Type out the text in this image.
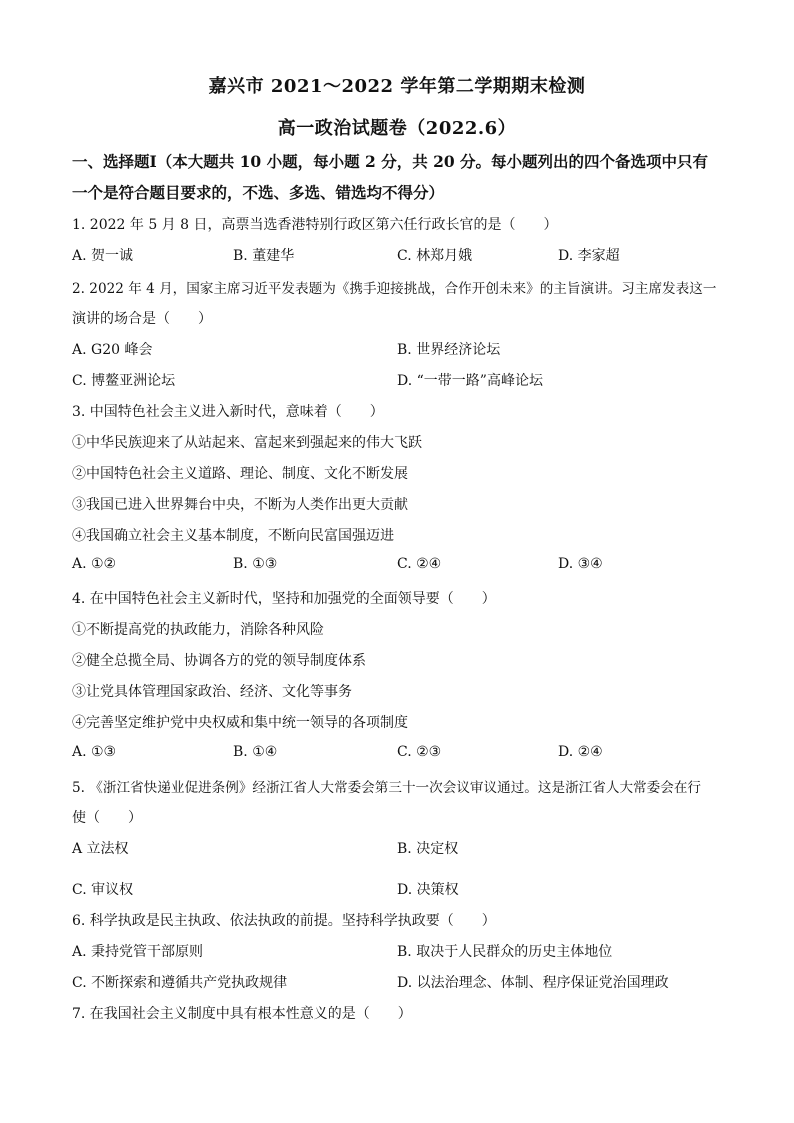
嘉兴市 2021～2022 学年第二学期期末检测
高一政治试题卷（2022.6）
一、选择题Ⅰ（本大题共 10 小题，每小题 2 分，共 20 分。每小题列出的四个备选项中只有
一个是符合题目要求的，不选、多选、错选均不得分）
1. 2022 年 5 月 8 日，高票当选香港特别行政区第六任行政长官的是（　　）
A. 贺一诚	B. 董建华	C. 林郑月娥	D. 李家超
2. 2022 年 4 月，国家主席习近平发表题为《携手迎接挑战，合作开创未来》的主旨演讲。习主席发表这一
演讲的场合是（　　）
A. G20 峰会	B. 世界经济论坛
C. 博鳌亚洲论坛	D. “一带一路”高峰论坛
3. 中国特色社会主义进入新时代，意味着（　　）
①中华民族迎来了从站起来、富起来到强起来的伟大飞跃
②中国特色社会主义道路、理论、制度、文化不断发展
③我国已进入世界舞台中央，不断为人类作出更大贡献
④我国确立社会主义基本制度，不断向民富国强迈进
A. ①②	B. ①③	C. ②④	D. ③④
4. 在中国特色社会主义新时代，坚持和加强党的全面领导要（　　）
①不断提高党的执政能力，消除各种风险
②健全总揽全局、协调各方的党的领导制度体系
③让党具体管理国家政治、经济、文化等事务
④完善坚定维护党中央权威和集中统一领导的各项制度
A. ①③	B. ①④	C. ②③	D. ②④
5. 《浙江省快递业促进条例》经浙江省人大常委会第三十一次会议审议通过。这是浙江省人大常委会在行
使（　　）
A 立法权	B. 决定权
C. 审议权	D. 决策权
6. 科学执政是民主执政、依法执政的前提。坚持科学执政要（　　）
A. 秉持党管干部原则	B. 取决于人民群众的历史主体地位
C. 不断探索和遵循共产党执政规律	D. 以法治理念、体制、程序保证党治国理政
7. 在我国社会主义制度中具有根本性意义的是（　　）
